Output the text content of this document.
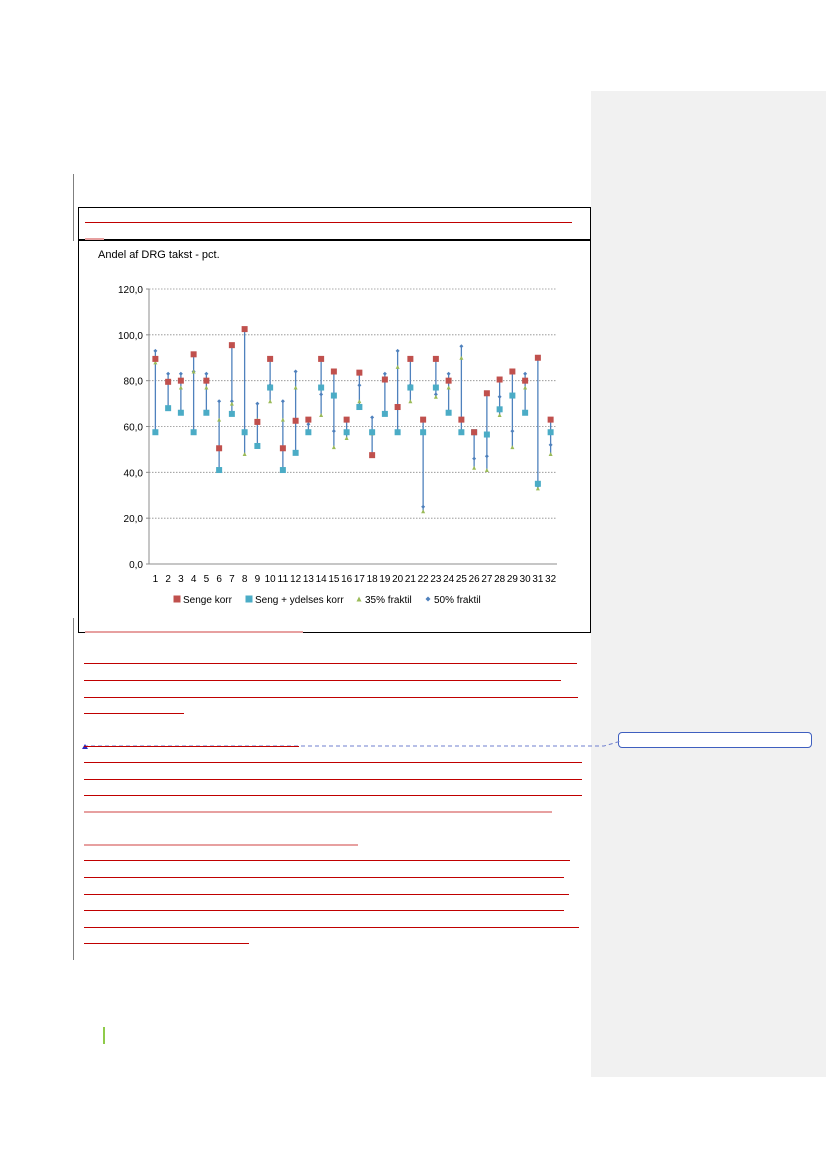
Andel af DRG takst - pct.
0,0
20,0
40,0
60,0
80,0
100,0
120,0
1 2 3 4 5 6 7 8 9 10 11 12 13 14 15 16 17 18 19 20 21 22 23 24 25 26 27 28 29 30 31 32
Senge korr Seng + ydelses korr 35% fraktil 50% fraktil
